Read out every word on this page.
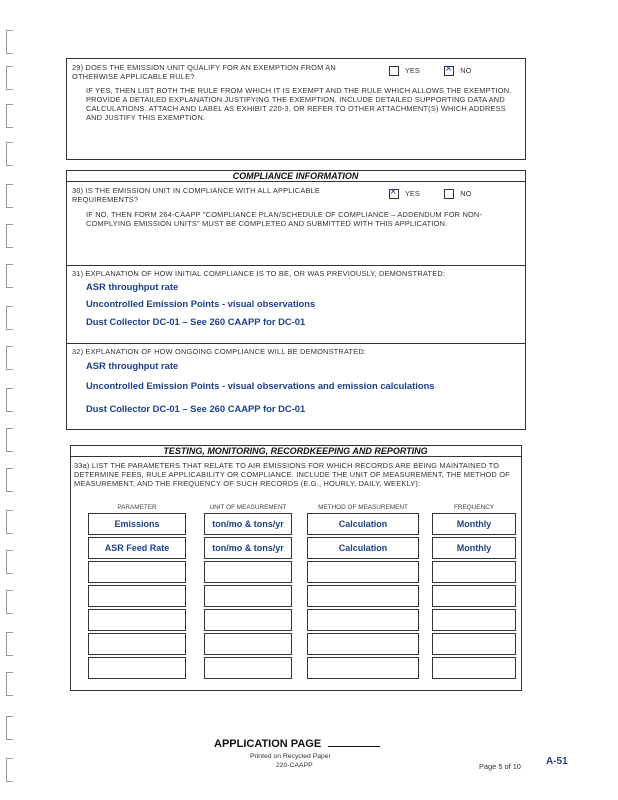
29) DOES THE EMISSION UNIT QUALIFY FOR AN EXEMPTION FROM AN OTHERWISE APPLICABLE RULE?
YES ×	NO
IF YES, THEN LIST BOTH THE RULE FROM WHICH IT IS EXEMPT AND THE RULE WHICH ALLOWS THE EXEMPTION. PROVIDE A DETAILED EXPLANATION JUSTIFYING THE EXEMPTION. INCLUDE DETAILED SUPPORTING DATA AND CALCULATIONS. ATTACH AND LABEL AS EXHIBIT 220-3, OR REFER TO OTHER ATTACHMENT(S) WHICH ADDRESS AND JUSTIFY THIS EXEMPTION.
COMPLIANCE INFORMATION
30) IS THE EMISSION UNIT IN COMPLIANCE WITH ALL APPLICABLE REQUIREMENTS?
×YES	NO
IF NO, THEN FORM 264-CAAPP "COMPLIANCE PLAN/SCHEDULE OF COMPLIANCE – ADDENDUM FOR NON-COMPLYING EMISSION UNITS" MUST BE COMPLETED AND SUBMITTED WITH THIS APPLICATION.
31) EXPLANATION OF HOW INITIAL COMPLIANCE IS TO BE, OR WAS PREVIOUSLY, DEMONSTRATED:
ASR throughput rate
Uncontrolled Emission Points - visual observations
Dust Collector DC-01 – See 260 CAAPP for DC-01
32) EXPLANATION OF HOW ONGOING COMPLIANCE WILL BE DEMONSTRATED:
ASR throughput rate
Uncontrolled Emission Points - visual observations and emission calculations
Dust Collector DC-01 – See 260 CAAPP for DC-01
TESTING, MONITORING, RECORDKEEPING AND REPORTING
33a) LIST THE PARAMETERS THAT RELATE TO AIR EMISSIONS FOR WHICH RECORDS ARE BEING MAINTAINED TO DETERMINE FEES, RULE APPLICABILITY OR COMPLIANCE. INCLUDE THE UNIT OF MEASUREMENT, THE METHOD OF MEASUREMENT, AND THE FREQUENCY OF SUCH RECORDS (E.G., HOURLY, DAILY, WEEKLY):
PARAMETER	UNIT OF MEASUREMENT	METHOD OF MEASUREMENT	FREQUENCY
Emissions	ton/mo & tons/yr	Calculation	Monthly
ASR Feed Rate	ton/mo & tons/yr	Calculation	Monthly
APPLICATION PAGE
Printed on Recycled Paper
220-CAAPP	Page 5 of 10	A-51
